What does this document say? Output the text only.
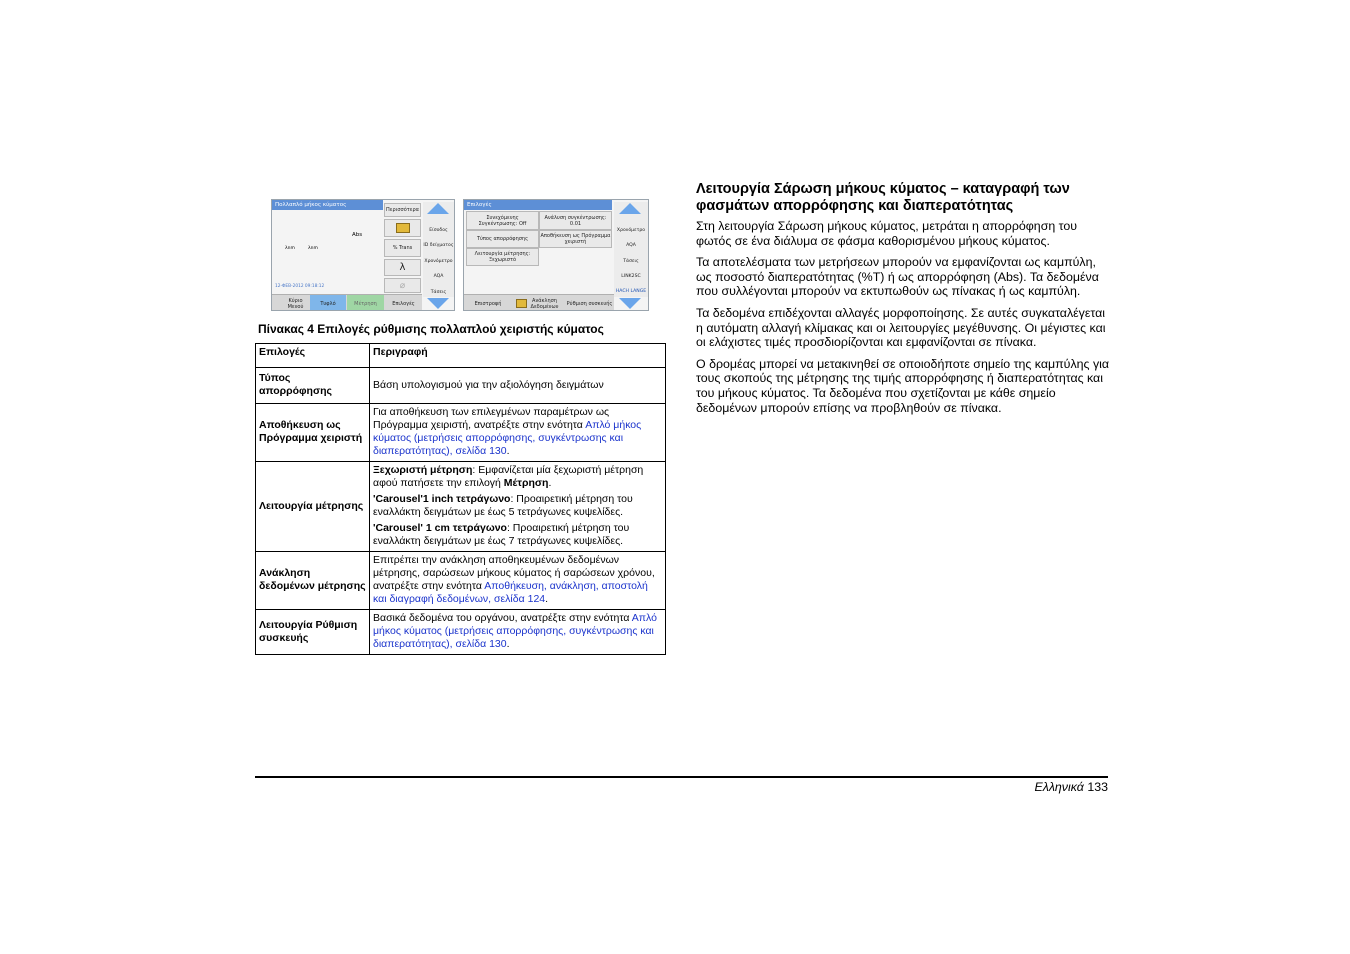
Πολλαπλό μήκος κύματος
Abs
λnm	λnm
12-ΦΕΒ-2012 09:18:12
Περισσότερα
% Trans
λ
⌀
Είσοδος
ID δείγματος
Χρονόμετρο
AQA
Τάσεις
Κύριο Μενού	Τυφλό	Μέτρηση	Επιλογές
Επιλογές
Συνεχόμενης Συγκέντρωσης: Off
Ανάλυση συγκέντρωσης: 0.01
Τύπος απορρόφησης Αποθήκευση ως Πρόγραμμα χειριστή
Λειτουργία μέτρησης: Ξεχωριστό
Χρονόμετρο
AQA
Τάσεις
LINK2SC
HACH LANGE
Επιστροφή	Ανάκληση Δεδομένων	Ρύθμιση συσκευής
Πίνακας 4 Επιλογές ρύθμισης πολλαπλού χειριστής κύματος
Επιλογές	Περιγραφή
Τύπος απορρόφησης	Βάση υπολογισμού για την αξιολόγηση δειγμάτων
Αποθήκευση ως Πρόγραμμα χειριστή	Για αποθήκευση των επιλεγμένων παραμέτρων ως Πρόγραμμα χειριστή, ανατρέξτε στην ενότητα Απλό μήκος κύματος (μετρήσεις απορρόφησης, συγκέντρωσης και διαπερατότητας), σελίδα 130.
Λειτουργία μέτρησης	Ξεχωριστή μέτρηση: Εμφανίζεται μία ξεχωριστή μέτρηση αφού πατήσετε την επιλογή Μέτρηση.

'Carousel'1 inch τετράγωνο: Προαιρετική μέτρηση του εναλλάκτη δειγμάτων με έως 5 τετράγωνες κυψελίδες.

'Carousel' 1 cm τετράγωνο: Προαιρετική μέτρηση του εναλλάκτη δειγμάτων με έως 7 τετράγωνες κυψελίδες.

Ανάκληση δεδομένων μέτρησης	Επιτρέπει την ανάκληση αποθηκευμένων δεδομένων μέτρησης, σαρώσεων μήκους κύματος ή σαρώσεων χρόνου, ανατρέξτε στην ενότητα Αποθήκευση, ανάκληση, αποστολή και διαγραφή δεδομένων, σελίδα 124.
Λειτουργία Ρύθμιση συσκευής	Βασικά δεδομένα του οργάνου, ανατρέξτε στην ενότητα Απλό μήκος κύματος (μετρήσεις απορρόφησης, συγκέντρωσης και διαπερατότητας), σελίδα 130.
Λειτουργία Σάρωση μήκους κύματος – καταγραφή των φασμάτων απορρόφησης και διαπερατότητας

Στη λειτουργία Σάρωση μήκους κύματος, μετράται η απορρόφηση του φωτός σε ένα διάλυμα σε φάσμα καθορισμένου μήκους κύματος.

Τα αποτελέσματα των μετρήσεων μπορούν να εμφανίζονται ως καμπύλη, ως ποσοστό διαπερατότητας (%T) ή ως απορρόφηση (Abs). Τα δεδομένα που συλλέγονται μπορούν να εκτυπωθούν ως πίνακας ή ως καμπύλη.

Τα δεδομένα επιδέχονται αλλαγές μορφοποίησης. Σε αυτές συγκαταλέγεται η αυτόματη αλλαγή κλίμακας και οι λειτουργίες μεγέθυνσης. Οι μέγιστες και οι ελάχιστες τιμές προσδιορίζονται και εμφανίζονται σε πίνακα.

Ο δρομέας μπορεί να μετακινηθεί σε οποιοδήποτε σημείο της καμπύλης για τους σκοπούς της μέτρησης της τιμής απορρόφησης ή διαπερατότητας και του μήκους κύματος. Τα δεδομένα που σχετίζονται με κάθε σημείο δεδομένων μπορούν επίσης να προβληθούν σε πίνακα.

Ελληνικά 133
